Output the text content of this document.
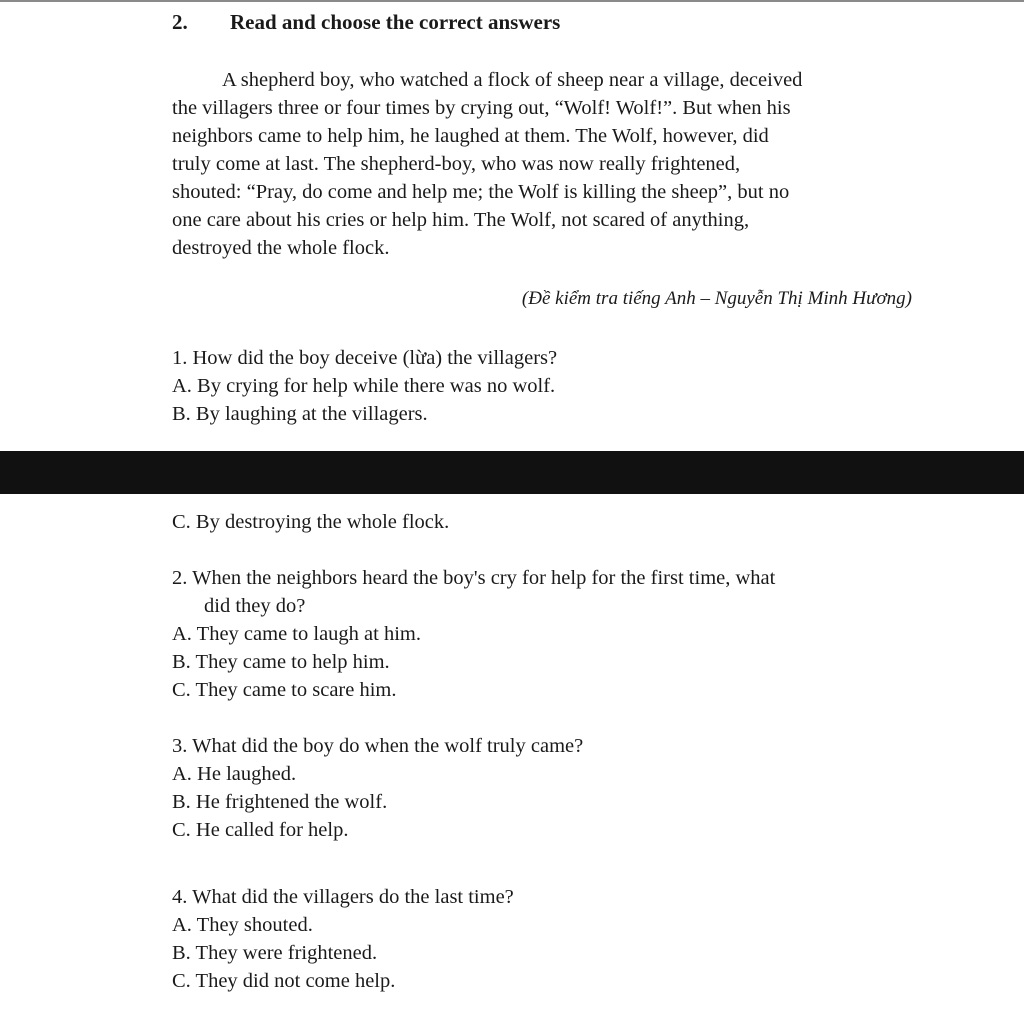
2. Read and choose the correct answers
A shepherd boy, who watched a flock of sheep near a village, deceived
the villagers three or four times by crying out, “Wolf! Wolf!”. But when his
neighbors came to help him, he laughed at them. The Wolf, however, did
truly come at last. The shepherd-boy, who was now really frightened,
shouted: “Pray, do come and help me; the Wolf is killing the sheep”, but no
one care about his cries or help him. The Wolf, not scared of anything,
destroyed the whole flock.
(Đề kiểm tra tiếng Anh – Nguyễn Thị Minh Hương)
1. How did the boy deceive (lừa) the villagers?
A. By crying for help while there was no wolf.
B. By laughing at the villagers.
C. By destroying the whole flock.
2. When the neighbors heard the boy's cry for help for the first time, what
did they do?
A. They came to laugh at him.
B. They came to help him.
C. They came to scare him.
3. What did the boy do when the wolf truly came?
A. He laughed.
B. He frightened the wolf.
C. He called for help.
4. What did the villagers do the last time?
A. They shouted.
B. They were frightened.
C. They did not come help.
